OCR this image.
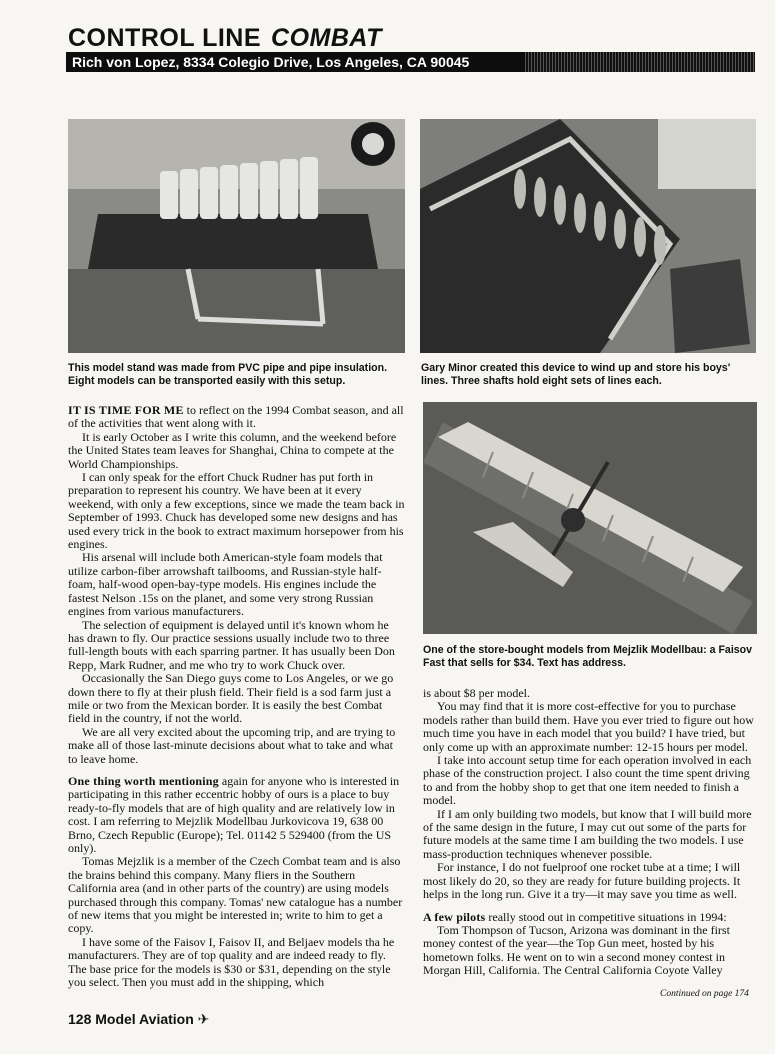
CONTROL LINE COMBAT
Rich von Lopez, 8334 Colegio Drive, Los Angeles, CA 90045

This model stand was made from PVC pipe and pipe insulation. Eight models can be transported easily with this setup.

Gary Minor created this device to wind up and store his boys' lines. Three shafts hold eight sets of lines each.

One of the store-bought models from Mejzlik Modellbau: a Faisov Fast that sells for $34. Text has address.

IT IS TIME FOR ME to reflect on the 1994 Combat season, and all of the activities that went along with it.

It is early October as I write this column, and the weekend before the United States team leaves for Shanghai, China to compete at the World Championships.

I can only speak for the effort Chuck Rudner has put forth in preparation to represent his country. We have been at it every weekend, with only a few exceptions, since we made the team back in September of 1993. Chuck has developed some new designs and has used every trick in the book to extract maximum horsepower from his engines.

His arsenal will include both American-style foam models that utilize carbon-fiber arrowshaft tailbooms, and Russian-style half-foam, half-wood open-bay-type models. His engines include the fastest Nelson .15s on the planet, and some very strong Russian engines from various manufacturers.

The selection of equipment is delayed until it's known whom he has drawn to fly. Our practice sessions usually include two to three full-length bouts with each sparring partner. It has usually been Don Repp, Mark Rudner, and me who try to work Chuck over.

Occasionally the San Diego guys come to Los Angeles, or we go down there to fly at their plush field. Their field is a sod farm just a mile or two from the Mexican border. It is easily the best Combat field in the country, if not the world.

We are all very excited about the upcoming trip, and are trying to make all of those last-minute decisions about what to take and what to leave home.

One thing worth mentioning again for anyone who is interested in participating in this rather eccentric hobby of ours is a place to buy ready-to-fly models that are of high quality and are relatively low in cost. I am referring to Mejzlik Modellbau Jurkovicova 19, 638 00 Brno, Czech Republic (Europe); Tel. 01142 5 529400 (from the US only).

Tomas Mejzlik is a member of the Czech Combat team and is also the brains behind this company. Many fliers in the Southern California area (and in other parts of the country) are using models purchased through this company. Tomas' new catalogue has a number of new items that you might be interested in; write to him to get a copy.

I have some of the Faisov I, Faisov II, and Beljaev models tha he manufacturers. They are of top quality and are indeed ready to fly. The base price for the models is $30 or $31, depending on the style you select. Then you must add in the shipping, which

is about $8 per model.

You may find that it is more cost-effective for you to purchase models rather than build them. Have you ever tried to figure out how much time you have in each model that you build? I have tried, but only come up with an approximate number: 12-15 hours per model.

I take into account setup time for each operation involved in each phase of the construction project. I also count the time spent driving to and from the hobby shop to get that one item needed to finish a model.

If I am only building two models, but know that I will build more of the same design in the future, I may cut out some of the parts for future models at the same time I am building the two models. I use mass-production techniques whenever possible.

For instance, I do not fuelproof one rocket tube at a time; I will most likely do 20, so they are ready for future building projects. It helps in the long run. Give it a try—it may save you time as well.

A few pilots really stood out in competitive situations in 1994:

Tom Thompson of Tucson, Arizona was dominant in the first money contest of the year—the Top Gun meet, hosted by his hometown folks. He went on to win a second money contest in Morgan Hill, California. The Central California Coyote Valley

Continued on page 174
128 Model Aviation ✈
